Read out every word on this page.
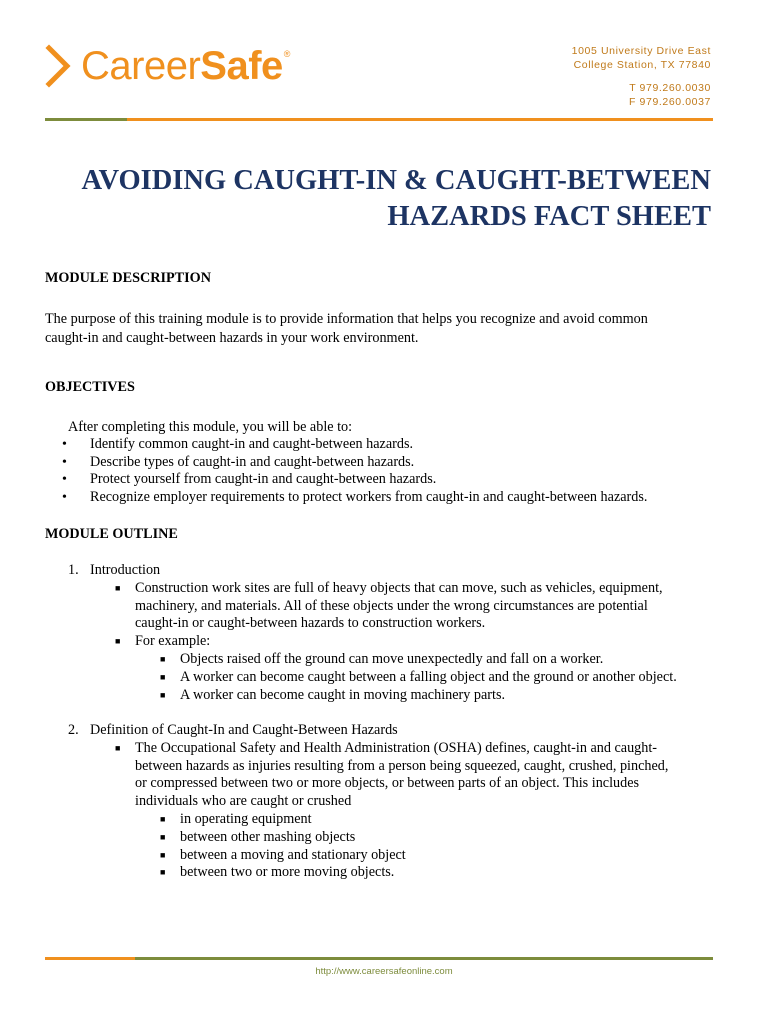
CareerSafe®	1005 University Drive East
College Station, TX 77840
T 979.260.0030
F 979.260.0037
AVOIDING CAUGHT-IN & CAUGHT-BETWEEN
HAZARDS FACT SHEET
MODULE DESCRIPTION
The purpose of this training module is to provide information that helps you recognize and avoid common
caught-in and caught-between hazards in your work environment.
OBJECTIVES
After completing this module, you will be able to:
• Identify common caught-in and caught-between hazards.
• Describe types of caught-in and caught-between hazards.
• Protect yourself from caught-in and caught-between hazards.
• Recognize employer requirements to protect workers from caught-in and caught-between hazards.
MODULE OUTLINE
1. Introduction
■ Construction work sites are full of heavy objects that can move, such as vehicles, equipment,
machinery, and materials. All of these objects under the wrong circumstances are potential
caught-in or caught-between hazards to construction workers.
■ For example:
■ Objects raised off the ground can move unexpectedly and fall on a worker.
■ A worker can become caught between a falling object and the ground or another object.
■ A worker can become caught in moving machinery parts.
2. Definition of Caught-In and Caught-Between Hazards
■ The Occupational Safety and Health Administration (OSHA) defines, caught-in and caught-
between hazards as injuries resulting from a person being squeezed, caught, crushed, pinched,
or compressed between two or more objects, or between parts of an object. This includes
individuals who are caught or crushed
■ in operating equipment
■ between other mashing objects
■ between a moving and stationary object
■ between two or more moving objects.
http://www.careersafeonline.com
